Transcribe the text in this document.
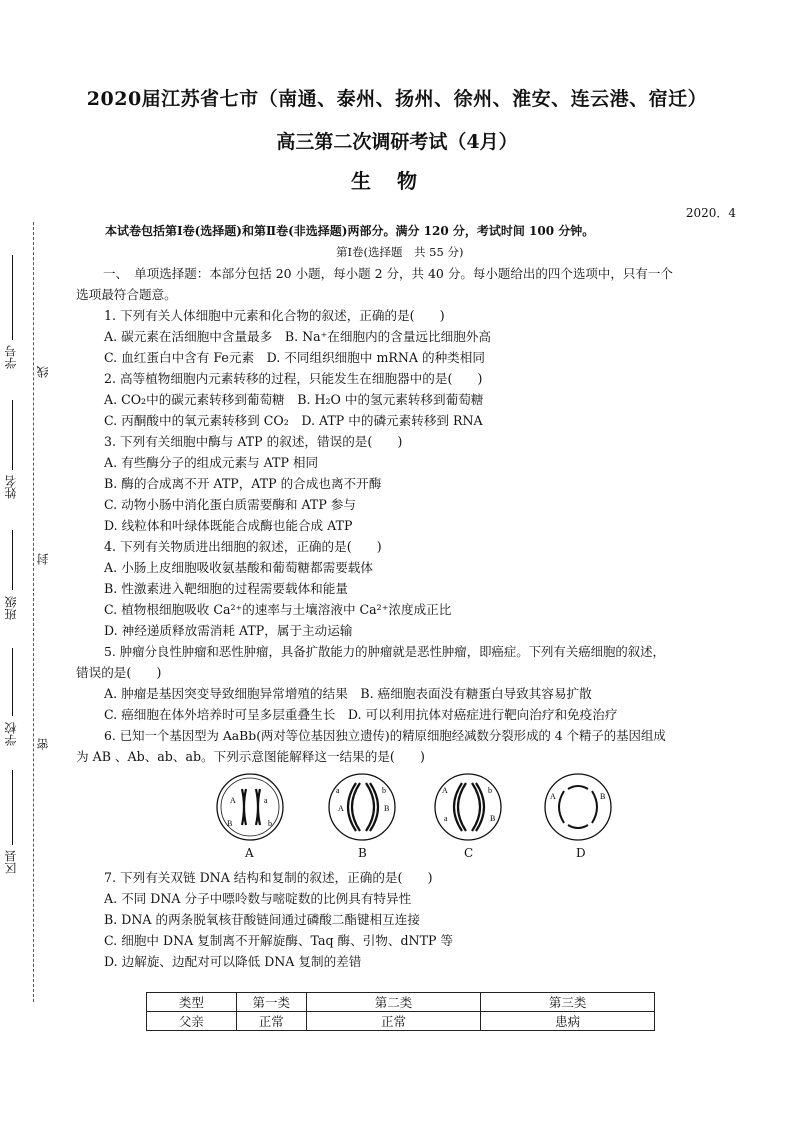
学号
姓名
班级
学校
区县
线
封
密
2020届江苏省七市（南通、泰州、扬州、徐州、淮安、连云港、宿迁）
高三第二次调研考试（4月）
生物
2020．4
本试卷包括第Ⅰ卷(选择题)和第Ⅱ卷(非选择题)两部分。满分 120 分，考试时间 100 分钟。
第Ⅰ卷(选择题　共 55 分)
一、　单项选择题：本部分包括 20 小题，每小题 2 分，共 40 分。每小题给出的四个选项中，只有一个
选项最符合题意。
1. 下列有关人体细胞中元素和化合物的叙述，正确的是(　　)
A. 碳元素在活细胞中含量最多　B. Na⁺在细胞内的含量远比细胞外高
C. 血红蛋白中含有 Fe元素　D. 不同组织细胞中 mRNA 的种类相同
2. 高等植物细胞内元素转移的过程，只能发生在细胞器中的是(　　)
A. CO₂中的碳元素转移到葡萄糖　B. H₂O 中的氢元素转移到葡萄糖
C. 丙酮酸中的氧元素转移到 CO₂　D. ATP 中的磷元素转移到 RNA
3. 下列有关细胞中酶与 ATP 的叙述，错误的是(　　)
A. 有些酶分子的组成元素与 ATP 相同
B. 酶的合成离不开 ATP，ATP 的合成也离不开酶
C. 动物小肠中消化蛋白质需要酶和 ATP 参与
D. 线粒体和叶绿体既能合成酶也能合成 ATP
4. 下列有关物质进出细胞的叙述，正确的是(　　)
A. 小肠上皮细胞吸收氨基酸和葡萄糖都需要载体
B. 性激素进入靶细胞的过程需要载体和能量
C. 植物根细胞吸收 Ca²⁺的速率与土壤溶液中 Ca²⁺浓度成正比
D. 神经递质释放需消耗 ATP，属于主动运输
5. 肿瘤分良性肿瘤和恶性肿瘤，具备扩散能力的肿瘤就是恶性肿瘤，即癌症。下列有关癌细胞的叙述，
错误的是(　　)
A. 肿瘤是基因突变导致细胞异常增殖的结果　B. 癌细胞表面没有糖蛋白导致其容易扩散
C. 癌细胞在体外培养时可呈多层重叠生长　D. 可以利用抗体对癌症进行靶向治疗和免疫治疗
6. 已知一个基因型为 AaBb(两对等位基因独立遗传)的精原细胞经减数分裂形成的 4 个精子的基因组成
为 AB 、Ab、ab、ab。下列示意图能解释这一结果的是(　　)
A	a
B	b
a
A
b
B
A
a
b
B
A	B
A	B	C	D
7. 下列有关双链 DNA 结构和复制的叙述，正确的是(　　)
A. 不同 DNA 分子中嘌呤数与嘧啶数的比例具有特异性
B. DNA 的两条脱氧核苷酸链间通过磷酸二酯键相互连接
C. 细胞中 DNA 复制离不开解旋酶、Taq 酶、引物、dNTP 等
D. 边解旋、边配对可以降低 DNA 复制的差错
类型	第一类	第二类	第三类
父亲	正常	正常	患病
